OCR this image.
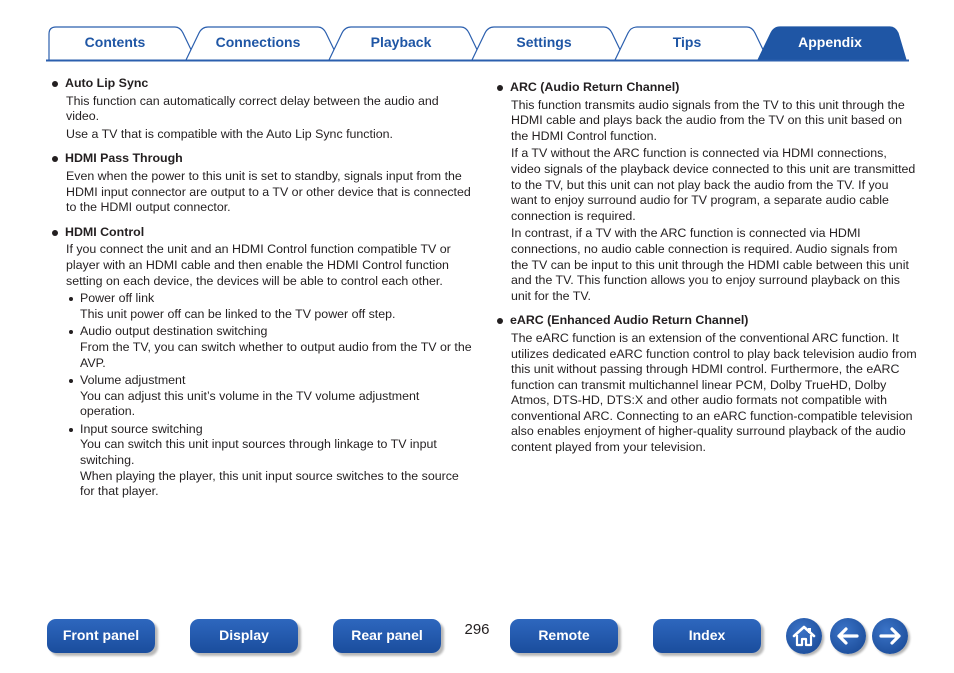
Contents	Connections	Playback	Settings	Tips	Appendix
Auto Lip Sync

This function can automatically correct delay between the audio and video.

Use a TV that is compatible with the Auto Lip Sync function.

HDMI Pass Through

Even when the power to this unit is set to standby, signals input from the HDMI input connector are output to a TV or other device that is connected to the HDMI output connector.

HDMI Control

If you connect the unit and an HDMI Control function compatible TV or player with an HDMI cable and then enable the HDMI Control function setting on each device, the devices will be able to control each other.

Power off link
This unit power off can be linked to the TV power off step.
Audio output destination switching
From the TV, you can switch whether to output audio from the TV or the AVP.
Volume adjustment
You can adjust this unit’s volume in the TV volume adjustment operation.
Input source switching
You can switch this unit input sources through linkage to TV input switching.
When playing the player, this unit input source switches to the source for that player.
ARC (Audio Return Channel)

This function transmits audio signals from the TV to this unit through the HDMI cable and plays back the audio from the TV on this unit based on the HDMI Control function.

If a TV without the ARC function is connected via HDMI connections, video signals of the playback device connected to this unit are transmitted to the TV, but this unit can not play back the audio from the TV. If you want to enjoy surround audio for TV program, a separate audio cable connection is required.

In contrast, if a TV with the ARC function is connected via HDMI connections, no audio cable connection is required. Audio signals from the TV can be input to this unit through the HDMI cable between this unit and the TV. This function allows you to enjoy surround playback on this unit for the TV.

eARC (Enhanced Audio Return Channel)

The eARC function is an extension of the conventional ARC function. It utilizes dedicated eARC function control to play back television audio from this unit without passing through HDMI control. Furthermore, the eARC function can transmit multichannel linear PCM, Dolby TrueHD, Dolby Atmos, DTS-HD, DTS:X and other audio formats not compatible with conventional ARC. Connecting to an eARC function-compatible television also enables enjoyment of higher-quality surround playback of the audio content played from your television.

Front panel	Display	Rear panel	296	Remote	Index
